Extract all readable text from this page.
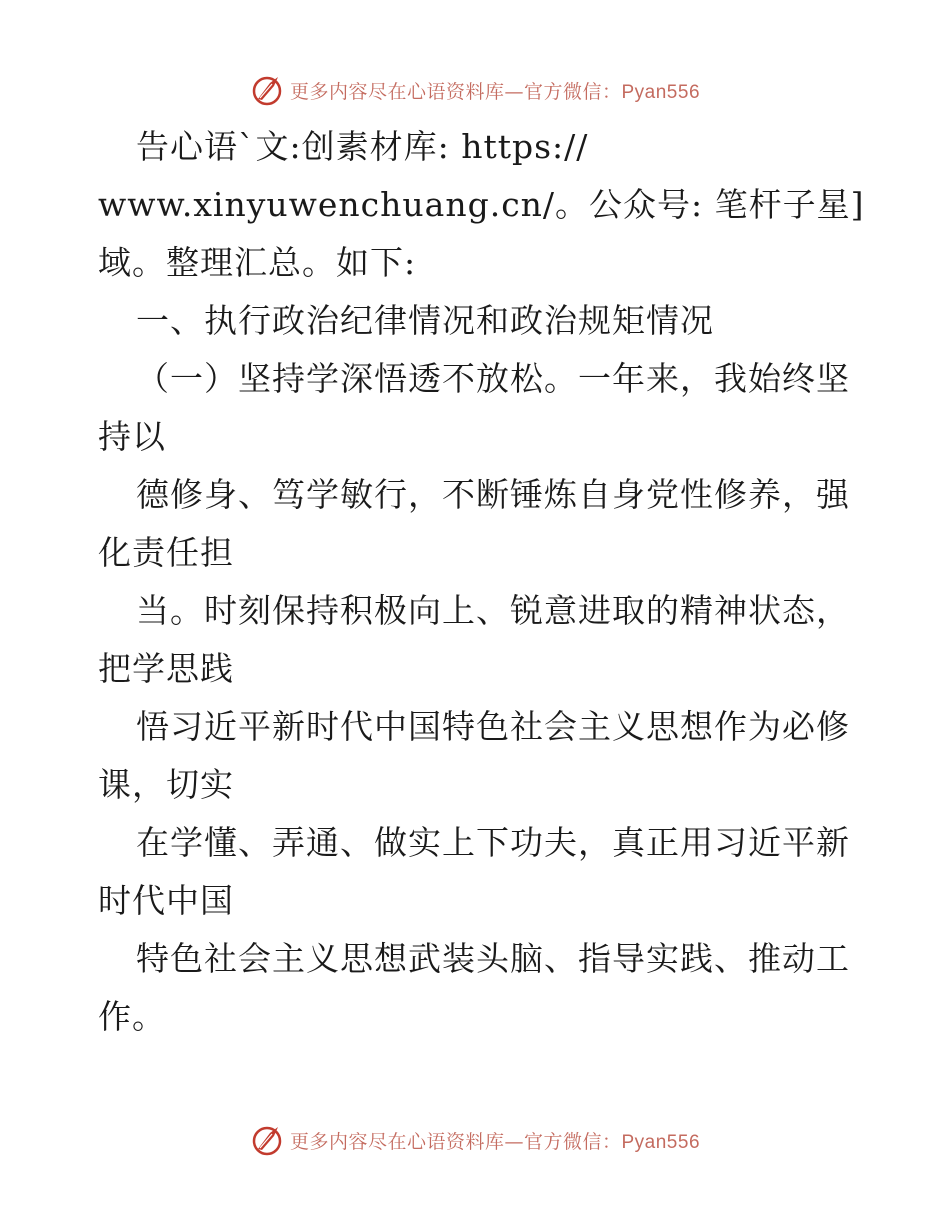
更多内容尽在心语资料库—官方微信：Pyan556
告心语`文:创素材库: https://
www.xinyuwenchuang.cn/。公众号: 笔杆子星]
域。整理汇总。如下:
一、执行政治纪律情况和政治规矩情况
（一）坚持学深悟透不放松。一年来，我始终坚
持以
德修身、笃学敏行，不断锤炼自身党性修养，强
化责任担
当。时刻保持积极向上、锐意进取的精神状态，
把学思践
悟习近平新时代中国特色社会主义思想作为必修
课，切实
在学懂、弄通、做实上下功夫，真正用习近平新
时代中国
特色社会主义思想武装头脑、指导实践、推动工
作。
更多内容尽在心语资料库—官方微信：Pyan556
